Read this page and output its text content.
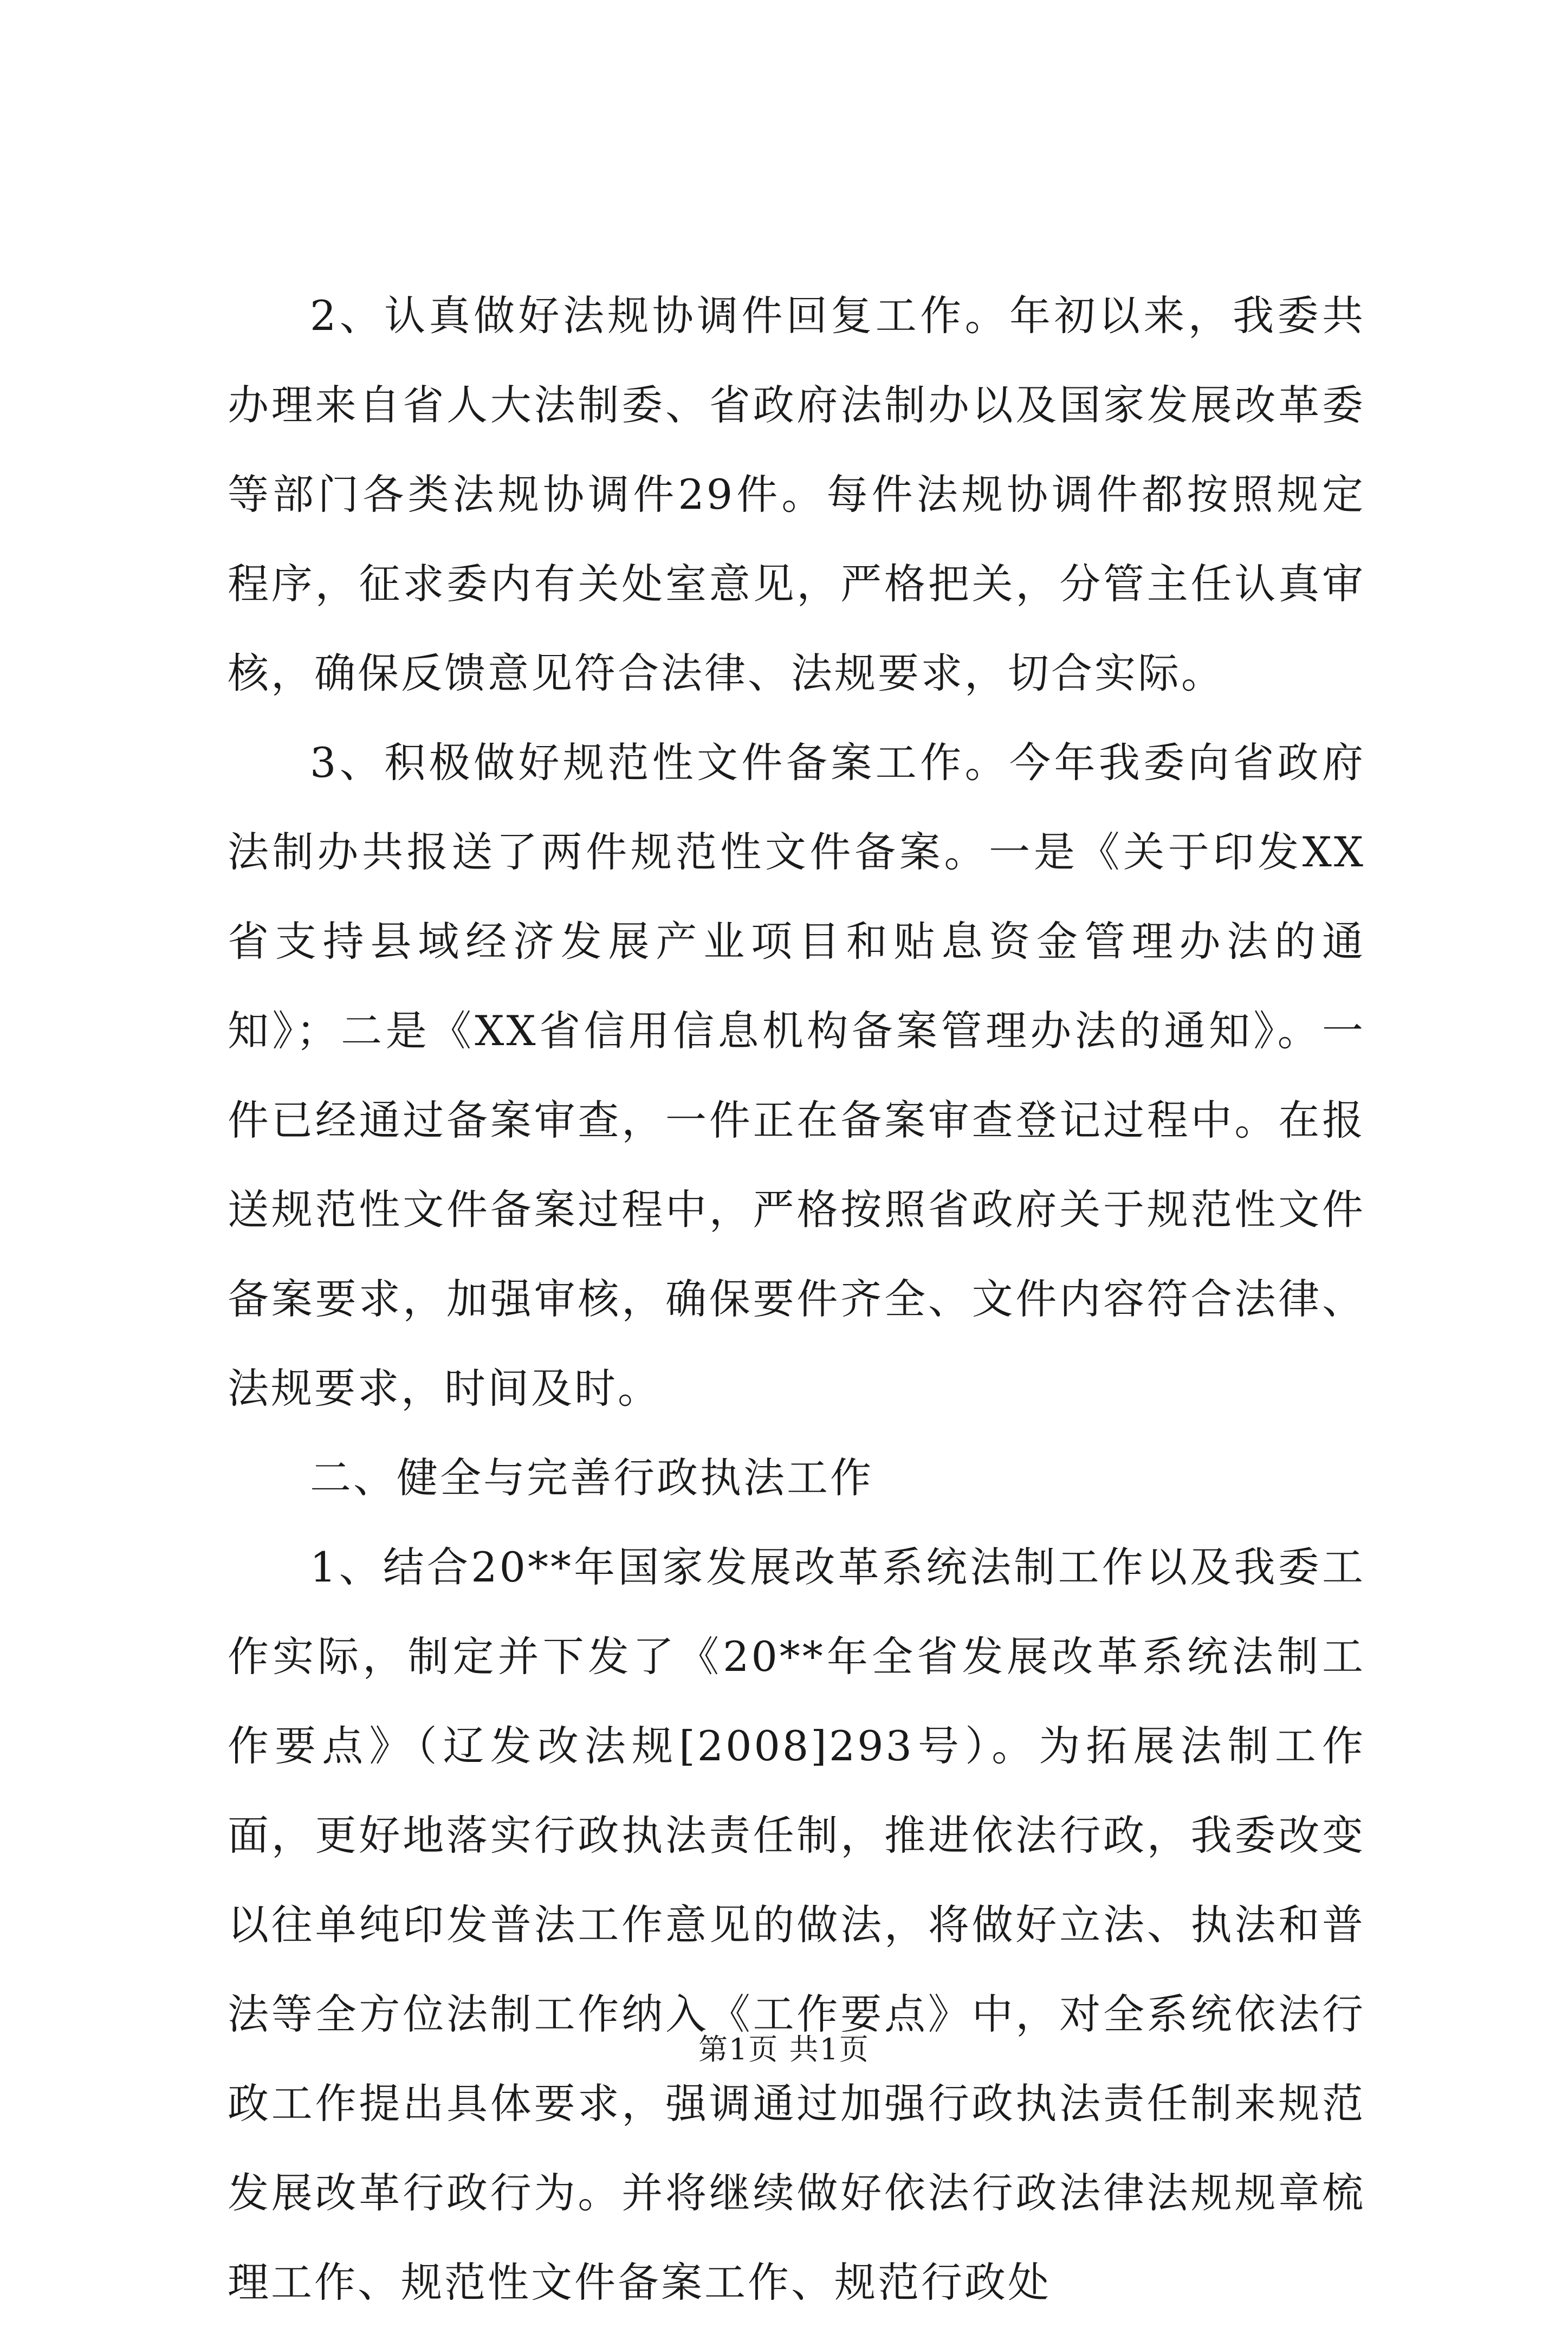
2、认真做好法规协调件回复工作。年初以来，我委共办理来自省人大法制委、省政府法制办以及国家发展改革委等部门各类法规协调件29件。每件法规协调件都按照规定程序，征求委内有关处室意见，严格把关，分管主任认真审核，确保反馈意见符合法律、法规要求，切合实际。

3、积极做好规范性文件备案工作。今年我委向省政府法制办共报送了两件规范性文件备案。一是《关于印发XX省支持县域经济发展产业项目和贴息资金管理办法的通知》；二是《XX省信用信息机构备案管理办法的通知》。一件已经通过备案审查，一件正在备案审查登记过程中。在报送规范性文件备案过程中，严格按照省政府关于规范性文件备案要求，加强审核，确保要件齐全、文件内容符合法律、法规要求，时间及时。

二、健全与完善行政执法工作

1、结合20**年国家发展改革系统法制工作以及我委工作实际，制定并下发了《20**年全省发展改革系统法制工作要点》（辽发改法规[2008]293号）。为拓展法制工作面，更好地落实行政执法责任制，推进依法行政，我委改变以往单纯印发普法工作意见的做法，将做好立法、执法和普法等全方位法制工作纳入《工作要点》中，对全系统依法行政工作提出具体要求，强调通过加强行政执法责任制来规范发展改革行政行为。并将继续做好依法行政法律法规规章梳理工作、规范性文件备案工作、规范行政处

第1页 共1页
